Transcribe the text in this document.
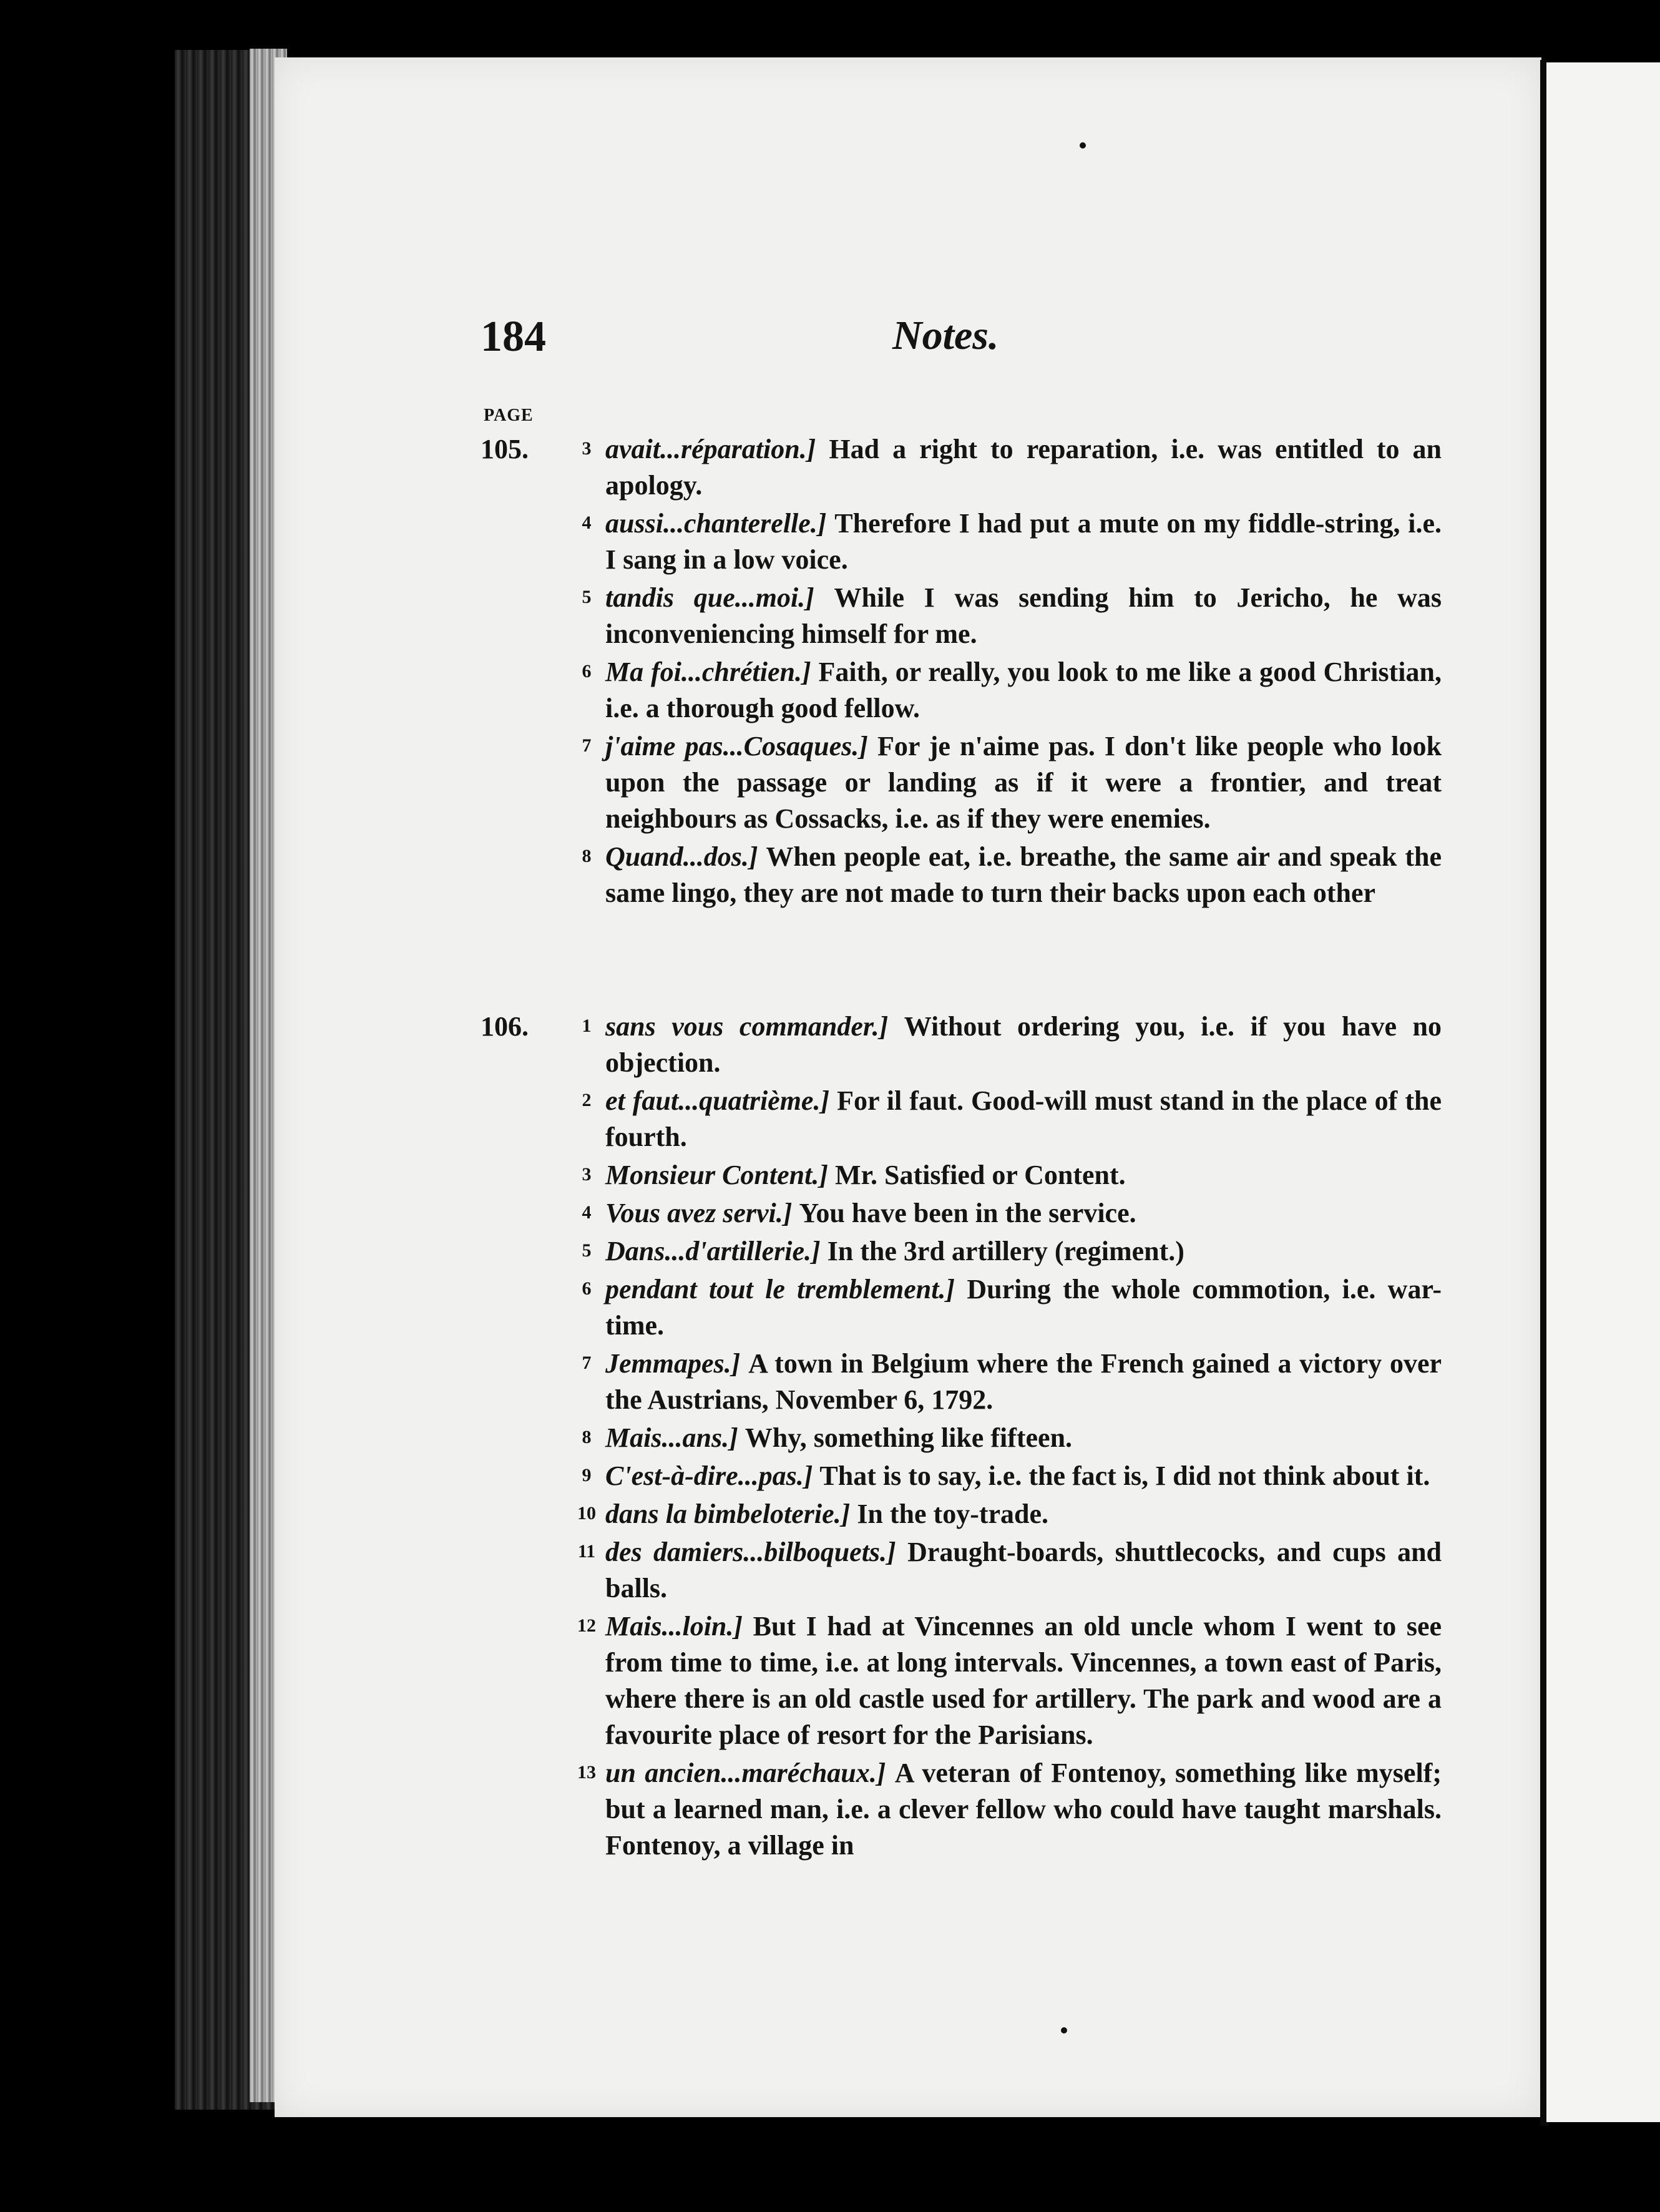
184	Notes.
PAGE
105.	3 avait...réparation.] Had a right to reparation, i.e. was entitled to an apology.

4 aussi...chanterelle.] Therefore I had put a mute on my fiddle-string, i.e. I sang in a low voice.

5 tandis que...moi.] While I was sending him to Jericho, he was inconveniencing himself for me.

6 Ma foi...chrétien.] Faith, or really, you look to me like a good Christian, i.e. a thorough good fellow.

7 j'aime pas...Cosaques.] For je n'aime pas. I don't like people who look upon the passage or landing as if it were a frontier, and treat neighbours as Cossacks, i.e. as if they were enemies.

8 Quand...dos.] When people eat, i.e. breathe, the same air and speak the same lingo, they are not made to turn their backs upon each other

106.	1 sans vous commander.] Without ordering you, i.e. if you have no objection.

2 et faut...quatrième.] For il faut. Good-will must stand in the place of the fourth.

3 Monsieur Content.] Mr. Satisfied or Content.

4 Vous avez servi.] You have been in the service.

5 Dans...d'artillerie.] In the 3rd artillery (regiment.)

6 pendant tout le tremblement.] During the whole commotion, i.e. war-time.

7 Jemmapes.] A town in Belgium where the French gained a victory over the Austrians, November 6, 1792.

8 Mais...ans.] Why, something like fifteen.

9 C'est-à-dire...pas.] That is to say, i.e. the fact is, I did not think about it.

10 dans la bimbeloterie.] In the toy-trade.

11 des damiers...bilboquets.] Draught-boards, shuttlecocks, and cups and balls.

12 Mais...loin.] But I had at Vincennes an old uncle whom I went to see from time to time, i.e. at long intervals. Vincennes, a town east of Paris, where there is an old castle used for artillery. The park and wood are a favourite place of resort for the Parisians.

13 un ancien...maréchaux.] A veteran of Fontenoy, something like myself; but a learned man, i.e. a clever fellow who could have taught marshals. Fontenoy, a village in
